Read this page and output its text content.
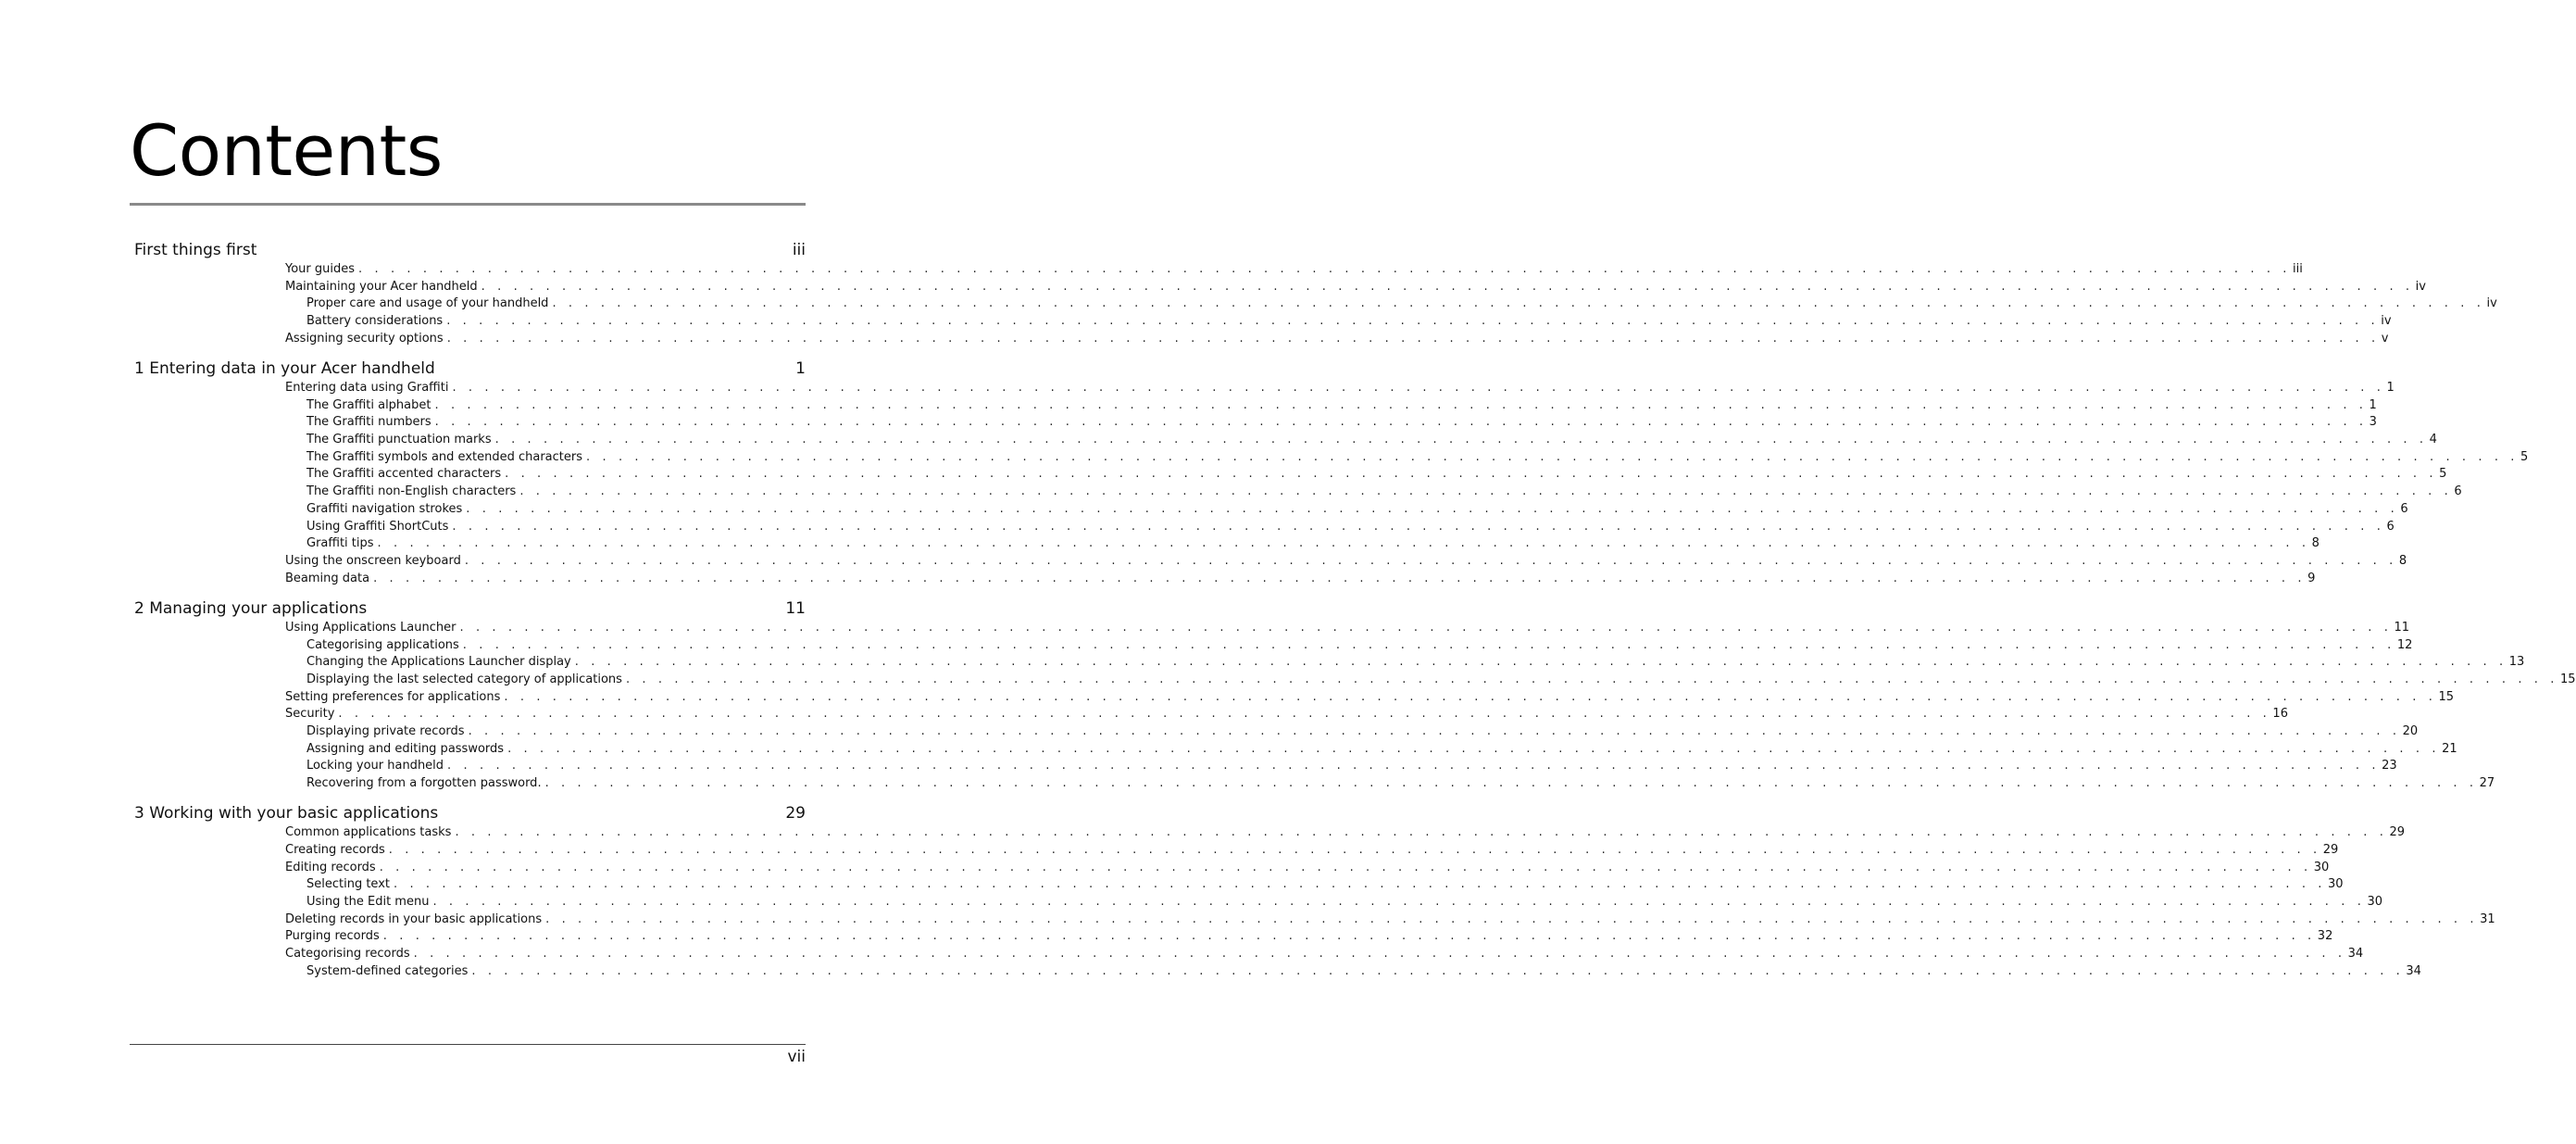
Contents
First things first	iii
Your guides . . . . . . . . . . . . . . . . . . . . . . . . . . . . . . . . . . . . . . . . . . . . . . . . . . . . . . . . . . . . . . . . . . . . . . . . . . . . . . . . . . . . . . . . . . . . . . . . . . . . . . . . . . . . . . . . . . . . . . . . iii
Maintaining your Acer handheld . . . . . . . . . . . . . . . . . . . . . . . . . . . . . . . . . . . . . . . . . . . . . . . . . . . . . . . . . . . . . . . . . . . . . . . . . . . . . . . . . . . . . . . . . . . . . . . . . . . . . . . . . . . . . . . . . . . . . . . . iv
Proper care and usage of your handheld . . . . . . . . . . . . . . . . . . . . . . . . . . . . . . . . . . . . . . . . . . . . . . . . . . . . . . . . . . . . . . . . . . . . . . . . . . . . . . . . . . . . . . . . . . . . . . . . . . . . . . . . . . . . . . . . . . . . . . . . iv
Battery considerations . . . . . . . . . . . . . . . . . . . . . . . . . . . . . . . . . . . . . . . . . . . . . . . . . . . . . . . . . . . . . . . . . . . . . . . . . . . . . . . . . . . . . . . . . . . . . . . . . . . . . . . . . . . . . . . . . . . . . . . . iv
Assigning security options . . . . . . . . . . . . . . . . . . . . . . . . . . . . . . . . . . . . . . . . . . . . . . . . . . . . . . . . . . . . . . . . . . . . . . . . . . . . . . . . . . . . . . . . . . . . . . . . . . . . . . . . . . . . . . . . . . . . . . . . v
1 Entering data in your Acer handheld	1
Entering data using Graffiti . . . . . . . . . . . . . . . . . . . . . . . . . . . . . . . . . . . . . . . . . . . . . . . . . . . . . . . . . . . . . . . . . . . . . . . . . . . . . . . . . . . . . . . . . . . . . . . . . . . . . . . . . . . . . . . . . . . . . . . . 1
The Graffiti alphabet . . . . . . . . . . . . . . . . . . . . . . . . . . . . . . . . . . . . . . . . . . . . . . . . . . . . . . . . . . . . . . . . . . . . . . . . . . . . . . . . . . . . . . . . . . . . . . . . . . . . . . . . . . . . . . . . . . . . . . . . 1
The Graffiti numbers . . . . . . . . . . . . . . . . . . . . . . . . . . . . . . . . . . . . . . . . . . . . . . . . . . . . . . . . . . . . . . . . . . . . . . . . . . . . . . . . . . . . . . . . . . . . . . . . . . . . . . . . . . . . . . . . . . . . . . . . 3
The Graffiti punctuation marks . . . . . . . . . . . . . . . . . . . . . . . . . . . . . . . . . . . . . . . . . . . . . . . . . . . . . . . . . . . . . . . . . . . . . . . . . . . . . . . . . . . . . . . . . . . . . . . . . . . . . . . . . . . . . . . . . . . . . . . . 4
The Graffiti symbols and extended characters . . . . . . . . . . . . . . . . . . . . . . . . . . . . . . . . . . . . . . . . . . . . . . . . . . . . . . . . . . . . . . . . . . . . . . . . . . . . . . . . . . . . . . . . . . . . . . . . . . . . . . . . . . . . . . . . . . . . . . . . 5
The Graffiti accented characters . . . . . . . . . . . . . . . . . . . . . . . . . . . . . . . . . . . . . . . . . . . . . . . . . . . . . . . . . . . . . . . . . . . . . . . . . . . . . . . . . . . . . . . . . . . . . . . . . . . . . . . . . . . . . . . . . . . . . . . . 5
The Graffiti non-English characters . . . . . . . . . . . . . . . . . . . . . . . . . . . . . . . . . . . . . . . . . . . . . . . . . . . . . . . . . . . . . . . . . . . . . . . . . . . . . . . . . . . . . . . . . . . . . . . . . . . . . . . . . . . . . . . . . . . . . . . . 6
Graffiti navigation strokes . . . . . . . . . . . . . . . . . . . . . . . . . . . . . . . . . . . . . . . . . . . . . . . . . . . . . . . . . . . . . . . . . . . . . . . . . . . . . . . . . . . . . . . . . . . . . . . . . . . . . . . . . . . . . . . . . . . . . . . . 6
Using Graffiti ShortCuts . . . . . . . . . . . . . . . . . . . . . . . . . . . . . . . . . . . . . . . . . . . . . . . . . . . . . . . . . . . . . . . . . . . . . . . . . . . . . . . . . . . . . . . . . . . . . . . . . . . . . . . . . . . . . . . . . . . . . . . . 6
Graffiti tips . . . . . . . . . . . . . . . . . . . . . . . . . . . . . . . . . . . . . . . . . . . . . . . . . . . . . . . . . . . . . . . . . . . . . . . . . . . . . . . . . . . . . . . . . . . . . . . . . . . . . . . . . . . . . . . . . . . . . . . . 8
Using the onscreen keyboard . . . . . . . . . . . . . . . . . . . . . . . . . . . . . . . . . . . . . . . . . . . . . . . . . . . . . . . . . . . . . . . . . . . . . . . . . . . . . . . . . . . . . . . . . . . . . . . . . . . . . . . . . . . . . . . . . . . . . . . . 8
Beaming data . . . . . . . . . . . . . . . . . . . . . . . . . . . . . . . . . . . . . . . . . . . . . . . . . . . . . . . . . . . . . . . . . . . . . . . . . . . . . . . . . . . . . . . . . . . . . . . . . . . . . . . . . . . . . . . . . . . . . . . . 9
2 Managing your applications	11
Using Applications Launcher . . . . . . . . . . . . . . . . . . . . . . . . . . . . . . . . . . . . . . . . . . . . . . . . . . . . . . . . . . . . . . . . . . . . . . . . . . . . . . . . . . . . . . . . . . . . . . . . . . . . . . . . . . . . . . . . . . . . . . . . 11
Categorising applications . . . . . . . . . . . . . . . . . . . . . . . . . . . . . . . . . . . . . . . . . . . . . . . . . . . . . . . . . . . . . . . . . . . . . . . . . . . . . . . . . . . . . . . . . . . . . . . . . . . . . . . . . . . . . . . . . . . . . . . . 12
Changing the Applications Launcher display . . . . . . . . . . . . . . . . . . . . . . . . . . . . . . . . . . . . . . . . . . . . . . . . . . . . . . . . . . . . . . . . . . . . . . . . . . . . . . . . . . . . . . . . . . . . . . . . . . . . . . . . . . . . . . . . . . . . . . . . 13
Displaying the last selected category of applications . . . . . . . . . . . . . . . . . . . . . . . . . . . . . . . . . . . . . . . . . . . . . . . . . . . . . . . . . . . . . . . . . . . . . . . . . . . . . . . . . . . . . . . . . . . . . . . . . . . . . . . . . . . . . . . . . . . . . . . . 15
Setting preferences for applications . . . . . . . . . . . . . . . . . . . . . . . . . . . . . . . . . . . . . . . . . . . . . . . . . . . . . . . . . . . . . . . . . . . . . . . . . . . . . . . . . . . . . . . . . . . . . . . . . . . . . . . . . . . . . . . . . . . . . . . . 15
Security . . . . . . . . . . . . . . . . . . . . . . . . . . . . . . . . . . . . . . . . . . . . . . . . . . . . . . . . . . . . . . . . . . . . . . . . . . . . . . . . . . . . . . . . . . . . . . . . . . . . . . . . . . . . . . . . . . . . . . . . 16
Displaying private records . . . . . . . . . . . . . . . . . . . . . . . . . . . . . . . . . . . . . . . . . . . . . . . . . . . . . . . . . . . . . . . . . . . . . . . . . . . . . . . . . . . . . . . . . . . . . . . . . . . . . . . . . . . . . . . . . . . . . . . . 20
Assigning and editing passwords . . . . . . . . . . . . . . . . . . . . . . . . . . . . . . . . . . . . . . . . . . . . . . . . . . . . . . . . . . . . . . . . . . . . . . . . . . . . . . . . . . . . . . . . . . . . . . . . . . . . . . . . . . . . . . . . . . . . . . . . 21
Locking your handheld . . . . . . . . . . . . . . . . . . . . . . . . . . . . . . . . . . . . . . . . . . . . . . . . . . . . . . . . . . . . . . . . . . . . . . . . . . . . . . . . . . . . . . . . . . . . . . . . . . . . . . . . . . . . . . . . . . . . . . . . 23
Recovering from a forgotten password. . . . . . . . . . . . . . . . . . . . . . . . . . . . . . . . . . . . . . . . . . . . . . . . . . . . . . . . . . . . . . . . . . . . . . . . . . . . . . . . . . . . . . . . . . . . . . . . . . . . . . . . . . . . . . . . . . . . . . . . . 27
3 Working with your basic applications	29
Common applications tasks . . . . . . . . . . . . . . . . . . . . . . . . . . . . . . . . . . . . . . . . . . . . . . . . . . . . . . . . . . . . . . . . . . . . . . . . . . . . . . . . . . . . . . . . . . . . . . . . . . . . . . . . . . . . . . . . . . . . . . . . 29
Creating records . . . . . . . . . . . . . . . . . . . . . . . . . . . . . . . . . . . . . . . . . . . . . . . . . . . . . . . . . . . . . . . . . . . . . . . . . . . . . . . . . . . . . . . . . . . . . . . . . . . . . . . . . . . . . . . . . . . . . . . . 29
Editing records . . . . . . . . . . . . . . . . . . . . . . . . . . . . . . . . . . . . . . . . . . . . . . . . . . . . . . . . . . . . . . . . . . . . . . . . . . . . . . . . . . . . . . . . . . . . . . . . . . . . . . . . . . . . . . . . . . . . . . . . 30
Selecting text . . . . . . . . . . . . . . . . . . . . . . . . . . . . . . . . . . . . . . . . . . . . . . . . . . . . . . . . . . . . . . . . . . . . . . . . . . . . . . . . . . . . . . . . . . . . . . . . . . . . . . . . . . . . . . . . . . . . . . . . 30
Using the Edit menu . . . . . . . . . . . . . . . . . . . . . . . . . . . . . . . . . . . . . . . . . . . . . . . . . . . . . . . . . . . . . . . . . . . . . . . . . . . . . . . . . . . . . . . . . . . . . . . . . . . . . . . . . . . . . . . . . . . . . . . . 30
Deleting records in your basic applications . . . . . . . . . . . . . . . . . . . . . . . . . . . . . . . . . . . . . . . . . . . . . . . . . . . . . . . . . . . . . . . . . . . . . . . . . . . . . . . . . . . . . . . . . . . . . . . . . . . . . . . . . . . . . . . . . . . . . . . . 31
Purging records . . . . . . . . . . . . . . . . . . . . . . . . . . . . . . . . . . . . . . . . . . . . . . . . . . . . . . . . . . . . . . . . . . . . . . . . . . . . . . . . . . . . . . . . . . . . . . . . . . . . . . . . . . . . . . . . . . . . . . . . 32
Categorising records . . . . . . . . . . . . . . . . . . . . . . . . . . . . . . . . . . . . . . . . . . . . . . . . . . . . . . . . . . . . . . . . . . . . . . . . . . . . . . . . . . . . . . . . . . . . . . . . . . . . . . . . . . . . . . . . . . . . . . . . 34
System-defined categories . . . . . . . . . . . . . . . . . . . . . . . . . . . . . . . . . . . . . . . . . . . . . . . . . . . . . . . . . . . . . . . . . . . . . . . . . . . . . . . . . . . . . . . . . . . . . . . . . . . . . . . . . . . . . . . . . . . . . . . . 34
vii
